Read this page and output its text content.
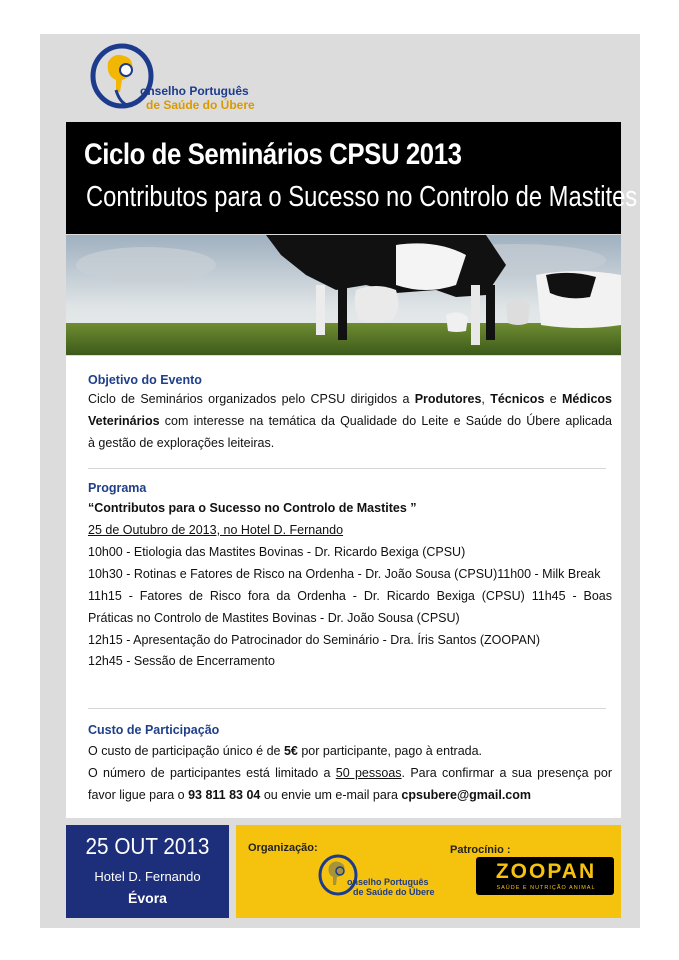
onselho Português
de Saúde do Úbere
Ciclo de Seminários CPSU 2013
Contributos para o Sucesso no Controlo de Mastites
Objetivo do Evento
Ciclo de Seminários organizados pelo CPSU dirigidos a Produtores, Técnicos e Médicos
Veterinários com interesse na temática da Qualidade do Leite e Saúde do Úbere aplicada
à gestão de explorações leiteiras.
Programa
“Contributos para o Sucesso no Controlo de Mastites ”
25 de Outubro de 2013, no Hotel D. Fernando
10h00 - Etiologia das Mastites Bovinas - Dr. Ricardo Bexiga (CPSU)
10h30 - Rotinas e Fatores de Risco na Ordenha - Dr. João Sousa (CPSU)11h00 - Milk Break
11h15 - Fatores de Risco fora da Ordenha - Dr. Ricardo Bexiga (CPSU) 11h45 - Boas
Práticas no Controlo de Mastites Bovinas - Dr. João Sousa (CPSU)
12h15 - Apresentação do Patrocinador do Seminário - Dra. Íris Santos (ZOOPAN)
12h45 - Sessão de Encerramento
Custo de Participação
O custo de participação único é de 5€ por participante, pago à entrada.
O número de participantes está limitado a 50 pessoas. Para confirmar a sua presença por
favor ligue para o 93 811 83 04 ou envie um e-mail para cpsubere@gmail.com
25 OUT 2013
Hotel D. Fernando
Évora
Organização:	Patrocínio :
onselho Português
de Saúde do Úbere
ZOOPAN
SAÚDE E NUTRIÇÃO ANIMAL
